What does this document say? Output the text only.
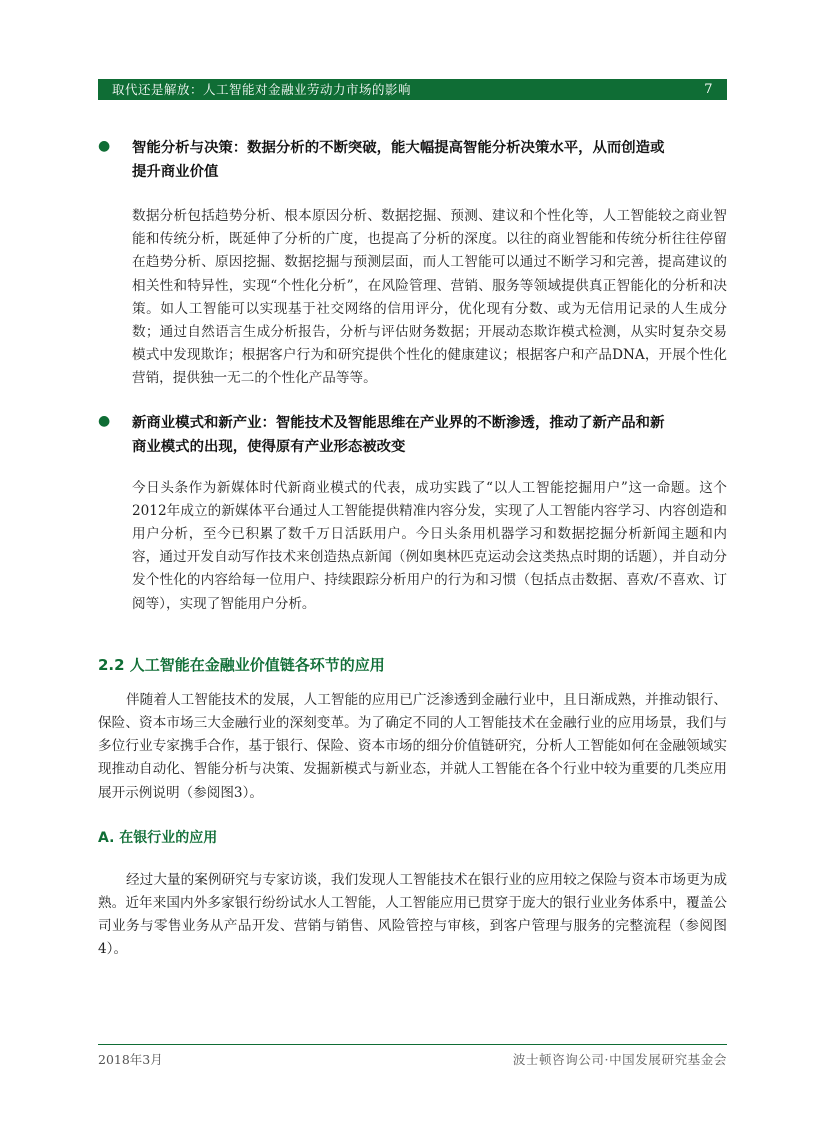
取代还是解放：人工智能对金融业劳动力市场的影响	7
● 智能分析与决策：数据分析的不断突破，能大幅提高智能分析决策水平，从而创造或
提升商业价值

数据分析包括趋势分析、根本原因分析、数据挖掘、预测、建议和个性化等，人工智能较之商业智能和传统分析，既延伸了分析的广度，也提高了分析的深度。以往的商业智能和传统分析往往停留在趋势分析、原因挖掘、数据挖掘与预测层面，而人工智能可以通过不断学习和完善，提高建议的相关性和特异性，实现“个性化分析”，在风险管理、营销、服务等领域提供真正智能化的分析和决策。如人工智能可以实现基于社交网络的信用评分，优化现有分数、或为无信用记录的人生成分数；通过自然语言生成分析报告，分析与评估财务数据；开展动态欺诈模式检测，从实时复杂交易模式中发现欺诈；根据客户行为和研究提供个性化的健康建议；根据客户和产品DNA，开展个性化营销，提供独一无二的个性化产品等等。

● 新商业模式和新产业：智能技术及智能思维在产业界的不断渗透，推动了新产品和新
商业模式的出现，使得原有产业形态被改变

今日头条作为新媒体时代新商业模式的代表，成功实践了“以人工智能挖掘用户”这一命题。这个2012年成立的新媒体平台通过人工智能提供精准内容分发，实现了人工智能内容学习、内容创造和用户分析，至今已积累了数千万日活跃用户。今日头条用机器学习和数据挖掘分析新闻主题和内容，通过开发自动写作技术来创造热点新闻（例如奥林匹克运动会这类热点时期的话题），并自动分发个性化的内容给每一位用户、持续跟踪分析用户的行为和习惯（包括点击数据、喜欢/不喜欢、订阅等），实现了智能用户分析。

2.2 人工智能在金融业价值链各环节的应用

伴随着人工智能技术的发展，人工智能的应用已广泛渗透到金融行业中，且日渐成熟，并推动银行、保险、资本市场三大金融行业的深刻变革。为了确定不同的人工智能技术在金融行业的应用场景，我们与多位行业专家携手合作，基于银行、保险、资本市场的细分价值链研究，分析人工智能如何在金融领域实现推动自动化、智能分析与决策、发掘新模式与新业态，并就人工智能在各个行业中较为重要的几类应用展开示例说明（参阅图3）。

A. 在银行业的应用

经过大量的案例研究与专家访谈，我们发现人工智能技术在银行业的应用较之保险与资本市场更为成熟。近年来国内外多家银行纷纷试水人工智能，人工智能应用已贯穿于庞大的银行业业务体系中，覆盖公司业务与零售业务从产品开发、营销与销售、风险管控与审核，到客户管理与服务的完整流程（参阅图4）。

2018年3月	波士顿咨询公司·中国发展研究基金会
